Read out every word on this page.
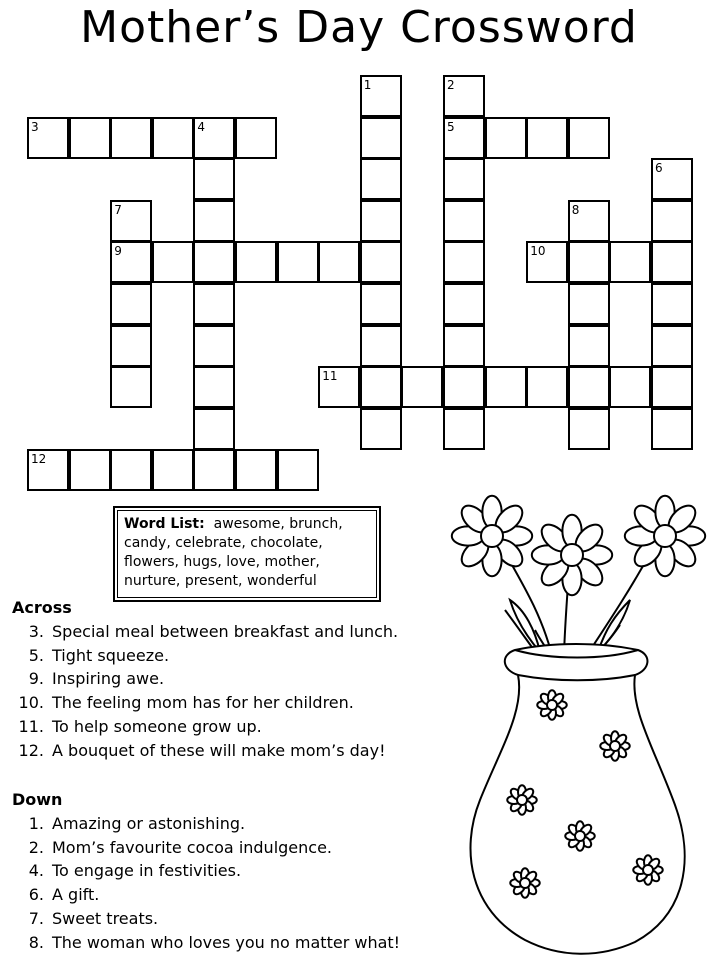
Mother’s Day Crossword
3	4	5
9	10
11
12
1	2
6
7	8
Word List: awesome, brunch,
candy, celebrate, chocolate,
flowers, hugs, love, mother,
nurture, present, wonderful
Across
3. Special meal between breakfast and lunch.
5. Tight squeeze.
9. Inspiring awe.
10. The feeling mom has for her children.
11. To help someone grow up.
12. A bouquet of these will make mom’s day!
Down
1. Amazing or astonishing.
2. Mom’s favourite cocoa indulgence.
4. To engage in festivities.
6. A gift.
7. Sweet treats.
8. The woman who loves you no matter what!
